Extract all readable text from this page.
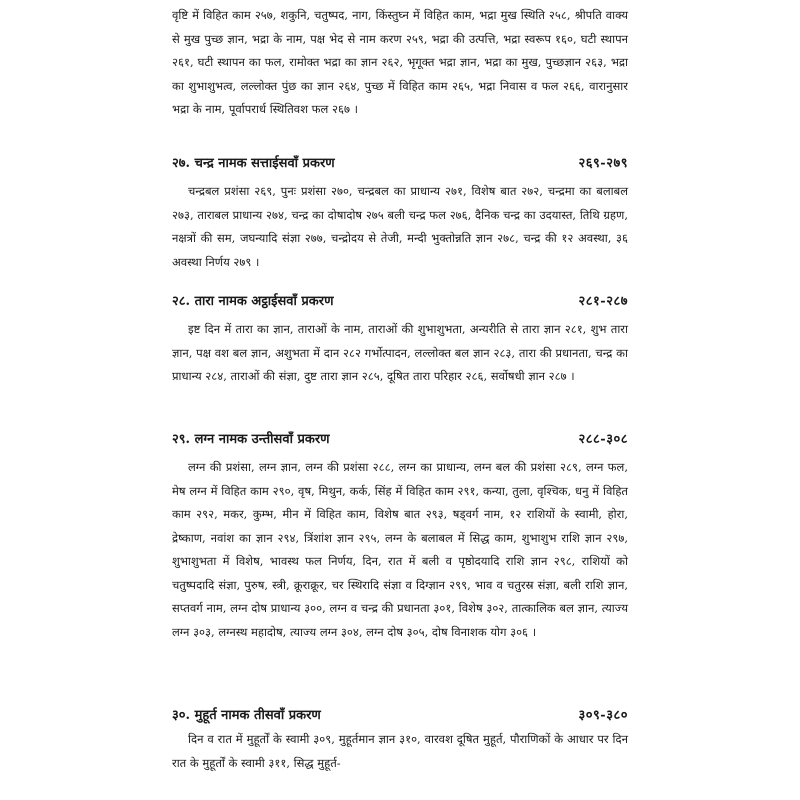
वृष्टि में विहित काम २५७, शकुनि, चतुष्पद, नाग, किंस्तुघ्न में विहित काम, भद्रा मुख स्थिति २५८, श्रीपति वाक्य से मुख पुच्छ ज्ञान, भद्रा के नाम, पक्ष भेद से नाम करण २५९, भद्रा की उत्पत्ति, भद्रा स्वरूप १६०, घटी स्थापन २६१, घटी स्थापन का फल, रामोक्त भद्रा का ज्ञान २६२, भृगूक्त भद्रा ज्ञान, भद्रा का मुख, पुच्छज्ञान २६३, भद्रा का शुभाशुभत्व, लल्लोक्त पुंछ का ज्ञान २६४, पुच्छ में विहित काम २६५, भद्रा निवास व फल २६६, वारानुसार भद्रा के नाम, पूर्वापरार्ध स्थितिवश फल २६७ ।

२७. चन्द्र नामक सत्ताईसवाँ प्रकरण	२६९-२७९

चन्द्रबल प्रशंसा २६९, पुनः प्रशंसा २७०, चन्द्रबल का प्राधान्य २७१, विशेष बात २७२, चन्द्रमा का बलाबल २७३, ताराबल प्राधान्य २७४, चन्द्र का दोषादोष २७५ बली चन्द्र फल २७६, दैनिक चन्द्र का उदयास्त, तिथि ग्रहण, नक्षत्रों की सम, जघन्यादि संज्ञा २७७, चन्द्रोदय से तेजी, मन्दी भुक्तोन्नति ज्ञान २७८, चन्द्र की १२ अवस्था, ३६ अवस्था निर्णय २७९ ।

२८. तारा नामक अट्ठाईसवाँ प्रकरण	२८१-२८७

इष्ट दिन में तारा का ज्ञान, ताराओं के नाम, ताराओं की शुभाशुभता, अन्यरीति से तारा ज्ञान २८१, शुभ तारा ज्ञान, पक्ष वश बल ज्ञान, अशुभता में दान २८२ गर्भोत्पादन, लल्लोक्त बल ज्ञान २८३, तारा की प्रधानता, चन्द्र का प्राधान्य २८४, ताराओं की संज्ञा, दुष्ट तारा ज्ञान २८५, दूषित तारा परिहार २८६, सर्वोषधी ज्ञान २८७ ।

२९. लग्न नामक उन्तीसवाँ प्रकरण	२८८-३०८

लग्न की प्रशंसा, लग्न ज्ञान, लग्न की प्रशंसा २८८, लग्न का प्राधान्य, लग्न बल की प्रशंसा २८९, लग्न फल, मेष लग्न में विहित काम २९०, वृष, मिथुन, कर्क, सिंह में विहित काम २९१, कन्या, तुला, वृश्चिक, धनु में विहित काम २९२, मकर, कुम्भ, मीन में विहित काम, विशेष बात २९३, षड्वर्ग नाम, १२ राशियों के स्वामी, होरा, द्रेष्काण, नवांश का ज्ञान २९४, त्रिंशांश ज्ञान २९५, लग्न के बलाबल में सिद्ध काम, शुभाशुभ राशि ज्ञान २९७, शुभाशुभता में विशेष, भावस्थ फल निर्णय, दिन, रात में बली व पृष्ठोदयादि राशि ज्ञान २९८, राशियों को चतुष्पदादि संज्ञा, पुरुष, स्त्री, क्रूराक्रूर, चर स्थिरादि संज्ञा व दिग्ज्ञान २९९, भाव व चतुरस्र संज्ञा, बली राशि ज्ञान, सप्तवर्ग नाम, लग्न दोष प्राधान्य ३००, लग्न व चन्द्र की प्रधानता ३०१, विशेष ३०२, तात्कालिक बल ज्ञान, त्याज्य लग्न ३०३, लग्नस्थ महादोष, त्याज्य लग्न ३०४, लग्न दोष ३०५, दोष विनाशक योग ३०६ ।

३०. मुहूर्त नामक तीसवाँ प्रकरण	३०९-३८०

दिन व रात में मुहूर्तों के स्वामी ३०९, मुहूर्तमान ज्ञान ३१०, वारवश दूषित मुहूर्त, पौराणिकों के आधार पर दिन रात के मुहूर्तों के स्वामी ३११, सिद्ध मुहूर्त-
